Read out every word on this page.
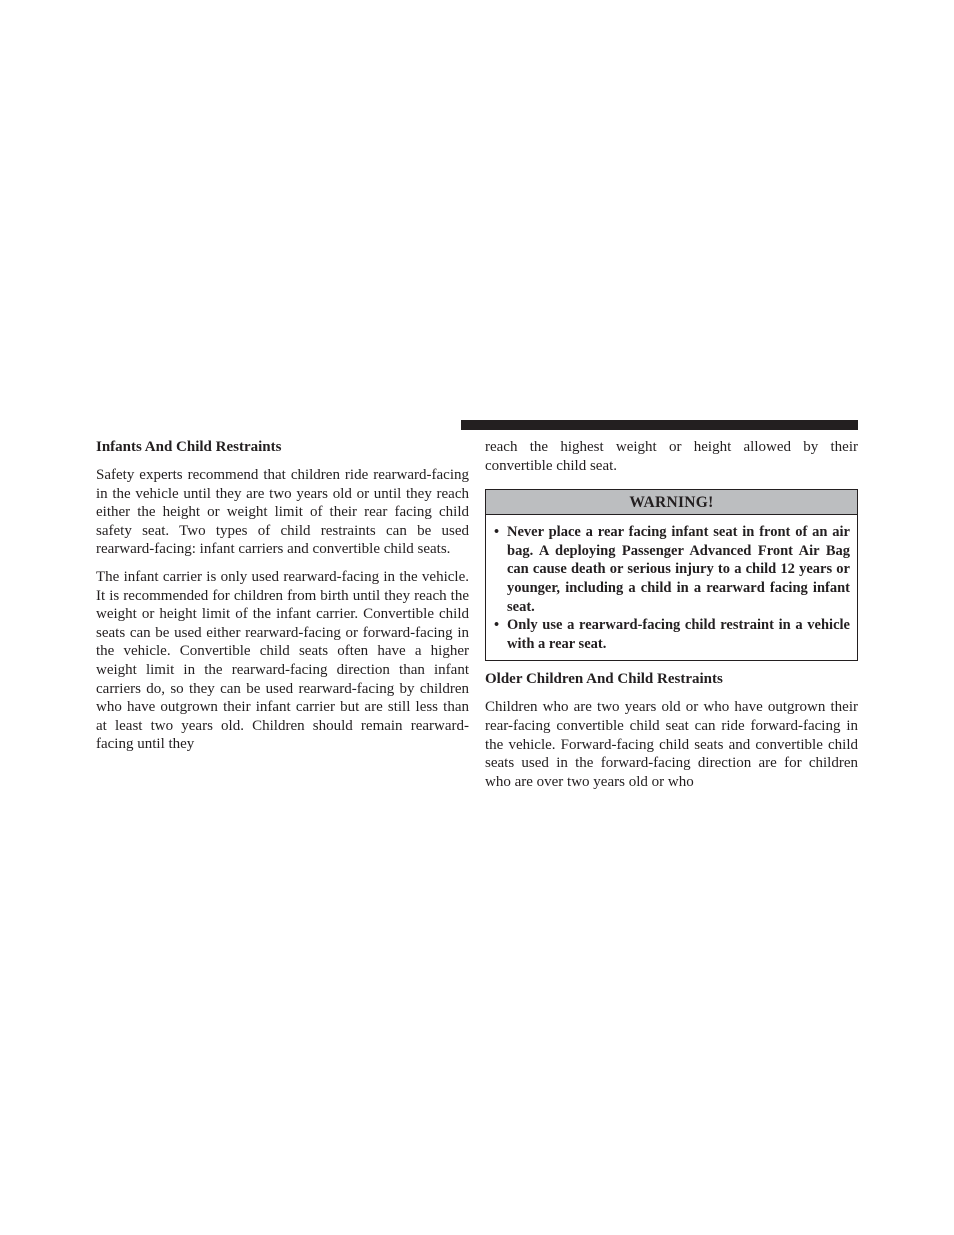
Infants And Child Restraints

Safety experts recommend that children ride rearward-facing in the vehicle until they are two years old or until they reach either the height or weight limit of their rear facing child safety seat. Two types of child restraints can be used rearward-facing: infant carriers and convertible child seats.

The infant carrier is only used rearward-facing in the vehicle. It is recommended for children from birth until they reach the weight or height limit of the infant carrier. Convertible child seats can be used either rearward-facing or forward-facing in the vehicle. Convertible child seats often have a higher weight limit in the rearward-facing direction than infant carriers do, so they can be used rearward-facing by children who have outgrown their infant carrier but are still less than at least two years old. Children should remain rearward-facing until they

reach the highest weight or height allowed by their convertible child seat.

WARNING!
• Never place a rear facing infant seat in front of an air bag. A deploying Passenger Advanced Front Air Bag can cause death or serious injury to a child 12 years or younger, including a child in a rearward facing infant seat.
• Only use a rearward-facing child restraint in a vehicle with a rear seat.
Older Children And Child Restraints

Children who are two years old or who have outgrown their rear-facing convertible child seat can ride forward-facing in the vehicle. Forward-facing child seats and convertible child seats used in the forward-facing direction are for children who are over two years old or who
